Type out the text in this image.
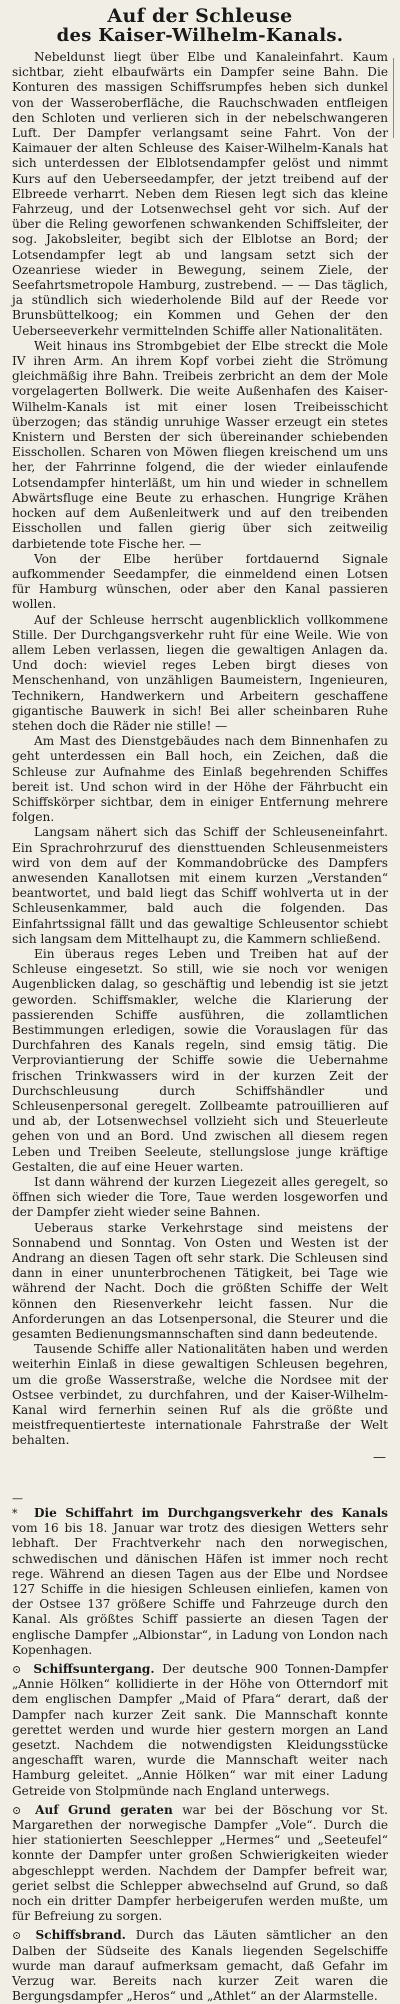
Auf der Schleuse
des Kaiser-Wilhelm-Kanals.

Nebeldunst liegt über Elbe und Kanaleinfahrt. Kaum sichtbar, zieht elbaufwärts ein Dampfer seine Bahn. Die Konturen des massigen Schiffsrumpfes heben sich dunkel von der Wasseroberfläche, die Rauchschwaden entfleigen den Schloten und verlieren sich in der nebelschwangeren Luft. Der Dampfer verlangsamt seine Fahrt. Von der Kaimauer der alten Schleuse des Kaiser-Wilhelm-Kanals hat sich unterdessen der Elblotsendampfer gelöst und nimmt Kurs auf den Ueberseedampfer, der jetzt treibend auf der Elbreede verharrt. Neben dem Riesen legt sich das kleine Fahrzeug, und der Lotsenwechsel geht vor sich. Auf der über die Reling geworfenen schwankenden Schiffsleiter, der sog. Jakobsleiter, begibt sich der Elblotse an Bord; der Lotsendampfer legt ab und langsam setzt sich der Ozeanriese wieder in Bewegung, seinem Ziele, der Seefahrtsmetropole Hamburg, zustrebend. — — Das täglich, ja stündlich sich wiederholende Bild auf der Reede vor Brunsbüttelkoog; ein Kommen und Gehen der den Ueberseeverkehr vermittelnden Schiffe aller Nationalitäten.

Weit hinaus ins Strombgebiet der Elbe streckt die Mole IV ihren Arm. An ihrem Kopf vorbei zieht die Strömung gleichmäßig ihre Bahn. Treibeis zerbricht an dem der Mole vorgelagerten Bollwerk. Die weite Außenhafen des Kaiser-Wilhelm-Kanals ist mit einer losen Treibeisschicht überzogen; das ständig unruhige Wasser erzeugt ein stetes Knistern und Bersten der sich übereinander schiebenden Eisschollen. Scharen von Möwen fliegen kreischend um uns her, der Fahrrinne folgend, die der wieder einlaufende Lotsendampfer hinterläßt, um hin und wieder in schnellem Abwärtsfluge eine Beute zu erhaschen. Hungrige Krähen hocken auf dem Außenleitwerk und auf den treibenden Eisschollen und fallen gierig über sich zeitweilig darbietende tote Fische her. —

Von der Elbe herüber fortdauernd Signale aufkommender Seedampfer, die einmeldend einen Lotsen für Hamburg wünschen, oder aber den Kanal passieren wollen.

Auf der Schleuse herrscht augenblicklich vollkommene Stille. Der Durchgangsverkehr ruht für eine Weile. Wie von allem Leben verlassen, liegen die gewaltigen Anlagen da. Und doch: wieviel reges Leben birgt dieses von Menschenhand, von unzähligen Baumeistern, Ingenieuren, Technikern, Handwerkern und Arbeitern geschaffene gigantische Bauwerk in sich! Bei aller scheinbaren Ruhe stehen doch die Räder nie stille! —

Am Mast des Dienstgebäudes nach dem Binnenhafen zu geht unterdessen ein Ball hoch, ein Zeichen, daß die Schleuse zur Aufnahme des Einlaß begehrenden Schiffes bereit ist. Und schon wird in der Höhe der Fährbucht ein Schiffskörper sichtbar, dem in einiger Entfernung mehrere folgen.

Langsam nähert sich das Schiff der Schleuseneinfahrt. Ein Sprachrohrzuruf des diensttuenden Schleusenmeisters wird von dem auf der Kommandobrücke des Dampfers anwesenden Kanallotsen mit einem kurzen „Verstanden“ beantwortet, und bald liegt das Schiff wohlverta ut in der Schleusenkammer, bald auch die folgenden. Das Einfahrtssignal fällt und das gewaltige Schleusentor schiebt sich langsam dem Mittelhaupt zu, die Kammern schließend.

Ein überaus reges Leben und Treiben hat auf der Schleuse eingesetzt. So still, wie sie noch vor wenigen Augenblicken dalag, so geschäftig und lebendig ist sie jetzt geworden. Schiffsmakler, welche die Klarierung der passierenden Schiffe ausführen, die zollamtlichen Bestimmungen erledigen, sowie die Vorauslagen für das Durchfahren des Kanals regeln, sind emsig tätig. Die Verproviantierung der Schiffe sowie die Uebernahme frischen Trinkwassers wird in der kurzen Zeit der Durchschleusung durch Schiffshändler und Schleusenpersonal geregelt. Zollbeamte patrouillieren auf und ab, der Lotsenwechsel vollzieht sich und Steuerleute gehen von und an Bord. Und zwischen all diesem regen Leben und Treiben Seeleute, stellungslose junge kräftige Gestalten, die auf eine Heuer warten.

Ist dann während der kurzen Liegezeit alles geregelt, so öffnen sich wieder die Tore, Taue werden losgeworfen und der Dampfer zieht wieder seine Bahnen.

Ueberaus starke Verkehrstage sind meistens der Sonnabend und Sonntag. Von Osten und Westen ist der Andrang an diesen Tagen oft sehr stark. Die Schleusen sind dann in einer ununterbrochenen Tätigkeit, bei Tage wie während der Nacht. Doch die größten Schiffe der Welt können den Riesenverkehr leicht fassen. Nur die Anforderungen an das Lotsenpersonal, die Steurer und die gesamten Bedienungsmannschaften sind dann bedeutende.

Tausende Schiffe aller Nationalitäten haben und werden weiterhin Einlaß in diese gewaltigen Schleusen begehren, um die große Wasserstraße, welche die Nordsee mit der Ostsee verbindet, zu durchfahren, und der Kaiser-Wilhelm-Kanal wird fernerhin seinen Ruf als die größte und meistfrequentierteste internationale Fahrstraße der Welt behalten.

—

—* Die Schiffahrt im Durchgangsverkehr des Kanals vom 16 bis 18. Januar war trotz des diesigen Wetters sehr lebhaft. Der Frachtverkehr nach den norwegischen, schwedischen und dänischen Häfen ist immer noch recht rege. Während an diesen Tagen aus der Elbe und Nordsee 127 Schiffe in die hiesigen Schleusen einliefen, kamen von der Ostsee 137 größere Schiffe und Fahrzeuge durch den Kanal. Als größtes Schiff passierte an diesen Tagen der englische Dampfer „Albionstar“, in Ladung von London nach Kopenhagen.

⊙ Schiffsuntergang. Der deutsche 900 Tonnen-Dampfer „Annie Hölken“ kollidierte in der Höhe von Otterndorf mit dem englischen Dampfer „Maid of Pfara“ derart, daß der Dampfer nach kurzer Zeit sank. Die Mannschaft konnte gerettet werden und wurde hier gestern morgen an Land gesetzt. Nachdem die notwendigsten Kleidungsstücke angeschafft waren, wurde die Mannschaft weiter nach Hamburg geleitet. „Annie Hölken“ war mit einer Ladung Getreide von Stolpmünde nach England unterwegs.

⊙ Auf Grund geraten war bei der Böschung vor St. Margarethen der norwegische Dampfer „Vole“. Durch die hier stationierten Seeschlepper „Hermes“ und „Seeteufel“ konnte der Dampfer unter großen Schwierigkeiten wieder abgeschleppt werden. Nachdem der Dampfer befreit war, geriet selbst die Schlepper abwechselnd auf Grund, so daß noch ein dritter Dampfer herbeigerufen werden mußte, um für Befreiung zu sorgen.

⊙ Schiffsbrand. Durch das Läuten sämtlicher an den Dalben der Südseite des Kanals liegenden Segelschiffe wurde man darauf aufmerksam gemacht, daß Gefahr im Verzug war. Bereits nach kurzer Zeit waren die Bergungsdampfer „Heros“ und „Athlet“ an der Alarmstelle.
